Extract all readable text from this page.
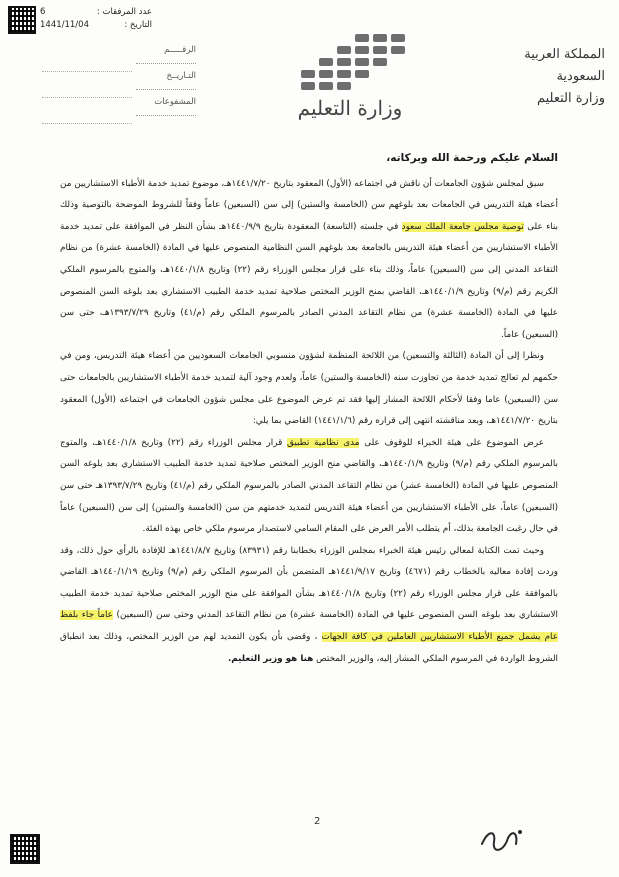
عدد المرفقات :
6
التاريخ :
1441/11/04
المملكة العربية السعودية
وزارة التعليم
الرقـــــم
التـاريــخ
المشفوعات	وزارة التعليم

السلام عليكم ورحمة الله وبركاته،

سبق لمجلس شؤون الجامعات أن ناقش في اجتماعه (الأول) المعقود بتاريخ ١٤٤١/٧/٢٠هـ، موضوع تمديد خدمة الأطباء الاستشاريين من أعضاء هيئة التدريس في الجامعات بعد بلوغهم سن (الخامسة والستين) إلى سن (السبعين) عاماً وفقاً للشروط الموضحة بالتوصية وذلك بناء على توصية مجلس جامعة الملك سعود في جلسته (التاسعة) المعقودة بتاريخ ١٤٤٠/٩/٩هـ بشأن النظر في الموافقة على تمديد خدمة الأطباء الاستشاريين من أعضاء هيئة التدريس بالجامعة بعد بلوغهم السن النظامية المنصوص عليها في المادة (الخامسة عشرة) من نظام التقاعد المدني إلى سن (السبعين) عاماً، وذلك بناء على قرار مجلس الوزراء رقم (٢٢) وتاريخ ١٤٤٠/١/٨هـ، والمتوج بالمرسوم الملكي الكريم رقم (م/٩) وتاريخ ١٤٤٠/١/٩هـ، القاضي بمنح الوزير المختص صلاحية تمديد خدمة الطبيب الاستشاري بعد بلوغه السن المنصوص عليها في المادة (الخامسة عشرة) من نظام التقاعد المدني الصادر بالمرسوم الملكي رقم (م/٤١) وتاريخ ١٣٩٣/٧/٢٩هـ، حتى سن (السبعين) عاماً.

ونظرا إلى أن المادة (الثالثة والتسعين) من اللائحة المنظمة لشؤون منسوبي الجامعات السعوديين من أعضاء هيئة التدريس، ومن في حكمهم لم تعالج تمديد خدمة من تجاوزت سنه (الخامسة والستين) عاماً، ولعدم وجود آلية لتمديد خدمة الأطباء الاستشاريين بالجامعات حتى سن (السبعين) عاما وفقا لأحكام اللائحة المشار إليها فقد تم عرض الموضوع على مجلس شؤون الجامعات في اجتماعه (الأول) المعقود بتاريخ ١٤٤١/٧/٢٠هـ، وبعد مناقشته انتهى إلى قراره رقم (١٤٤١/١/٦) القاضي بما يلي:

عرض الموضوع على هيئة الخبراء للوقوف على مدى نظامية تطبيق قرار مجلس الوزراء رقم (٢٢) وتاريخ ١٤٤٠/١/٨هـ، والمتوج بالمرسوم الملكي رقم (م/٩) وتاريخ ١٤٤٠/١/٩هـ، والقاضي منح الوزير المختص صلاحية تمديد خدمة الطبيب الاستشاري بعد بلوغه السن المنصوص عليها في المادة (الخامسة عشر) من نظام التقاعد المدني الصادر بالمرسوم الملكي رقم (م/٤١) وتاريخ ١٣٩٣/٧/٢٩هـ حتى سن (السبعين) عاماً، على الأطباء الاستشاريين من أعضاء هيئة التدريس لتمديد خدمتهم من سن (الخامسة والستين) إلى سن (السبعين) عاماً في حال رغبت الجامعة بذلك، أم يتطلب الأمر العرض على المقام السامي لاستصدار مرسوم ملكي خاص بهذه الفئة.

وحيث تمت الكتابة لمعالي رئيس هيئة الخبراء بمجلس الوزراء بخطابنا رقم (٨٣٩٣١) وتاريخ ١٤٤١/٨/٧هـ للإفادة بالرأي حول ذلك، وقد وردت إفادة معاليه بالخطاب رقم (٤٦٧١) وتاريخ ١٤٤١/٩/١٧هـ المتضمن بأن المرسوم الملكي رقم (م/٩) وتاريخ ١٤٤٠/١/١٩هـ القاضي بالموافقة على قرار مجلس الوزراء رقم (٢٢) وتاريخ ١٤٤٠/١/٨هـ بشأن الموافقة على منح الوزير المختص صلاحية تمديد خدمة الطبيب الاستشاري بعد بلوغه السن المنصوص عليها في المادة (الخامسة عشرة) من نظام التقاعد المدني وحتى سن (السبعين) عاماً جاء بلفظ عام يشمل جميع الأطباء الاستشاريين العاملين في كافة الجهات ، وقضى بأن يكون التمديد لهم من الوزير المختص، وذلك بعد انطباق الشروط الواردة في المرسوم الملكي المشار إليه، والوزير المختص هنا هو وزير التعليم.

2
